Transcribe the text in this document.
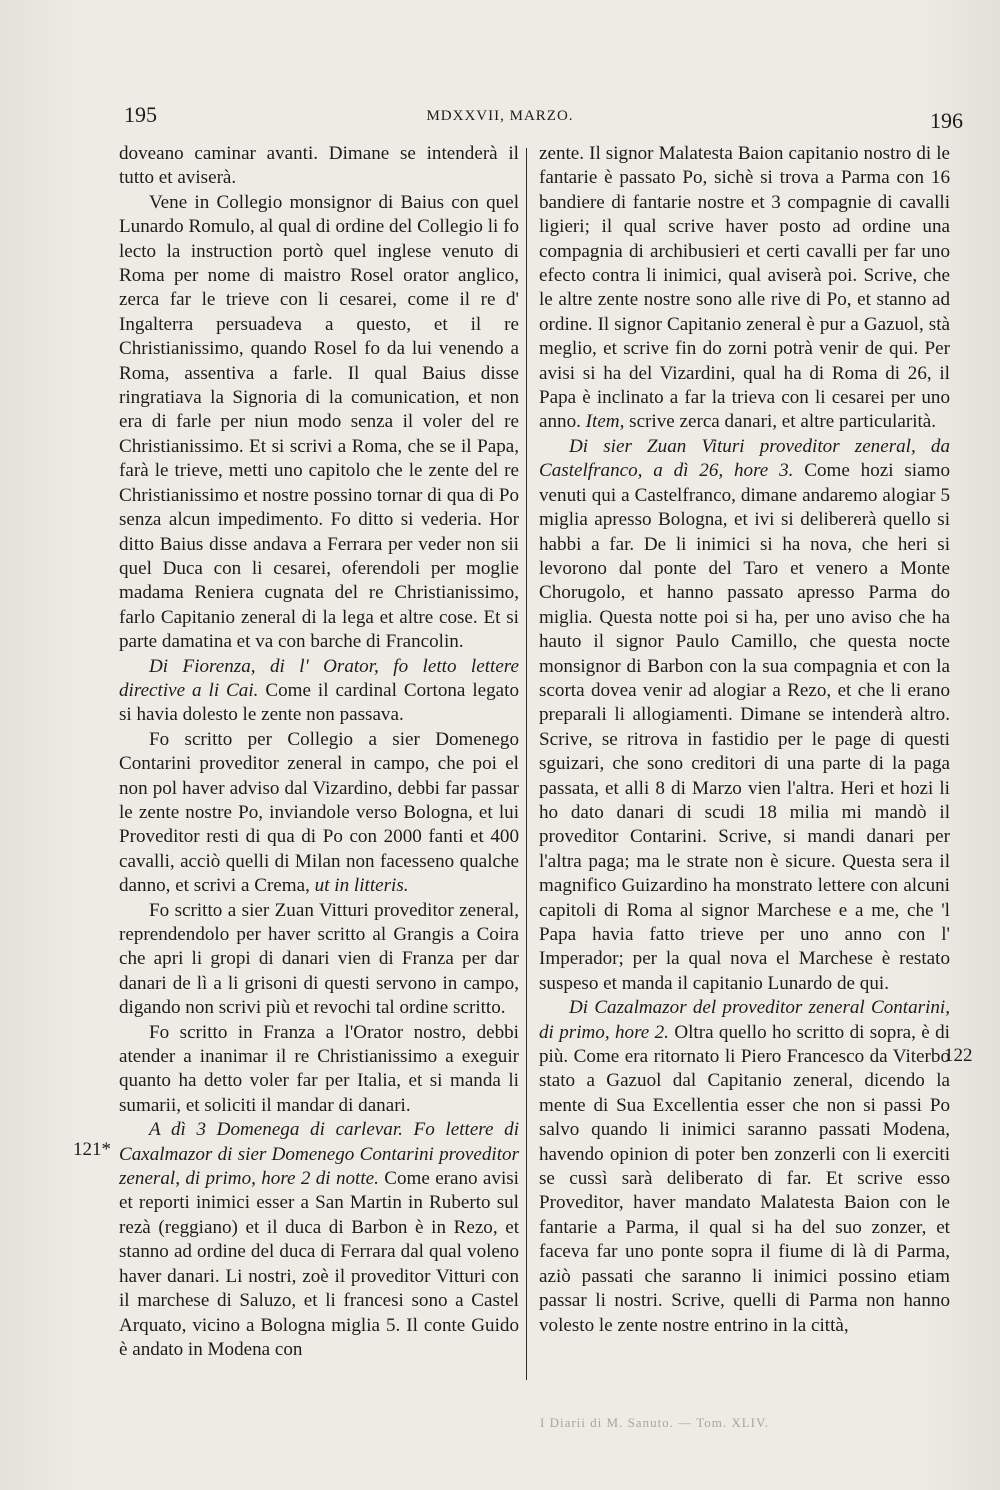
195	MDXXVII, MARZO.	196
121*
122

doveano caminar avanti. Dimane se intenderà il tutto et aviserà.

Vene in Collegio monsignor di Baius con quel Lunardo Romulo, al qual di ordine del Collegio li fo lecto la instruction portò quel inglese venuto di Roma per nome di maistro Rosel orator anglico, zerca far le trieve con li cesarei, come il re d' Ingalterra persuadeva a questo, et il re Christianissimo, quando Rosel fo da lui venendo a Roma, assentiva a farle. Il qual Baius disse ringratiava la Signoria di la comunication, et non era di farle per niun modo senza il voler del re Christianissimo. Et si scrivi a Roma, che se il Papa, farà le trieve, metti uno capitolo che le zente del re Christianissimo et nostre possino tornar di qua di Po senza alcun impedimento. Fo ditto si vederia. Hor ditto Baius disse andava a Ferrara per veder non sii quel Duca con li cesarei, oferendoli per moglie madama Reniera cugnata del re Christianissimo, farlo Capitanio zeneral di la lega et altre cose. Et si parte damatina et va con barche di Francolin.

Di Fiorenza, di l' Orator, fo letto lettere directive a li Cai. Come il cardinal Cortona legato si havia dolesto le zente non passava.

Fo scritto per Collegio a sier Domenego Contarini proveditor zeneral in campo, che poi el non pol haver adviso dal Vizardino, debbi far passar le zente nostre Po, inviandole verso Bologna, et lui Proveditor resti di qua di Po con 2000 fanti et 400 cavalli, acciò quelli di Milan non facesseno qualche danno, et scrivi a Crema, ut in litteris.

Fo scritto a sier Zuan Vitturi proveditor zeneral, reprendendolo per haver scritto al Grangis a Coira che apri li gropi di danari vien di Franza per dar danari de lì a li grisoni di questi servono in campo, digando non scrivi più et revochi tal ordine scritto.

Fo scritto in Franza a l'Orator nostro, debbi atender a inanimar il re Christianissimo a exeguir quanto ha detto voler far per Italia, et si manda li sumarii, et soliciti il mandar di danari.

A dì 3 Domenega di carlevar. Fo lettere di Caxalmazor di sier Domenego Contarini proveditor zeneral, di primo, hore 2 di notte. Come erano avisi et reporti inimici esser a San Martin in Ruberto sul rezà (reggiano) et il duca di Barbon è in Rezo, et stanno ad ordine del duca di Ferrara dal qual voleno haver danari. Li nostri, zoè il proveditor Vitturi con il marchese di Saluzo, et li francesi sono a Castel Arquato, vicino a Bologna miglia 5. Il conte Guido è andato in Modena con

zente. Il signor Malatesta Baion capitanio nostro di le fantarie è passato Po, sichè si trova a Parma con 16 bandiere di fantarie nostre et 3 compagnie di cavalli ligieri; il qual scrive haver posto ad ordine una compagnia di archibusieri et certi cavalli per far uno efecto contra li inimici, qual aviserà poi. Scrive, che le altre zente nostre sono alle rive di Po, et stanno ad ordine. Il signor Capitanio zeneral è pur a Gazuol, stà meglio, et scrive fin do zorni potrà venir de qui. Per avisi si ha del Vizardini, qual ha di Roma di 26, il Papa è inclinato a far la trieva con li cesarei per uno anno. Item, scrive zerca danari, et altre particularità.

Di sier Zuan Vituri proveditor zeneral, da Castelfranco, a dì 26, hore 3. Come hozi siamo venuti qui a Castelfranco, dimane andaremo alogiar 5 miglia apresso Bologna, et ivi si delibererà quello si habbi a far. De li inimici si ha nova, che heri si levorono dal ponte del Taro et venero a Monte Chorugolo, et hanno passato apresso Parma do miglia. Questa notte poi si ha, per uno aviso che ha hauto il signor Paulo Camillo, che questa nocte monsignor di Barbon con la sua compagnia et con la scorta dovea venir ad alogiar a Rezo, et che li erano preparali li allogiamenti. Dimane se intenderà altro. Scrive, se ritrova in fastidio per le page di questi sguizari, che sono creditori di una parte di la paga passata, et alli 8 di Marzo vien l'altra. Heri et hozi li ho dato danari di scudi 18 milia mi mandò il proveditor Contarini. Scrive, si mandi danari per l'altra paga; ma le strate non è sicure. Questa sera il magnifico Guizardino ha monstrato lettere con alcuni capitoli di Roma al signor Marchese e a me, che 'l Papa havia fatto trieve per uno anno con l' Imperador; per la qual nova el Marchese è restato suspeso et manda il capitanio Lunardo de qui.

Di Cazalmazor del proveditor zeneral Contarini, di primo, hore 2. Oltra quello ho scritto di sopra, è di più. Come era ritornato li Piero Francesco da Viterbo stato a Gazuol dal Capitanio zeneral, dicendo la mente di Sua Excellentia esser che non si passi Po salvo quando li inimici saranno passati Modena, havendo opinion di poter ben zonzerli con li exerciti se cussì sarà deliberato di far. Et scrive esso Proveditor, haver mandato Malatesta Baion con le fantarie a Parma, il qual si ha del suo zonzer, et faceva far uno ponte sopra il fiume di là di Parma, aziò passati che saranno li inimici possino etiam passar li nostri. Scrive, quelli di Parma non hanno volesto le zente nostre entrino in la città,

I Diarii di M. Sanuto. — Tom. XLIV.
